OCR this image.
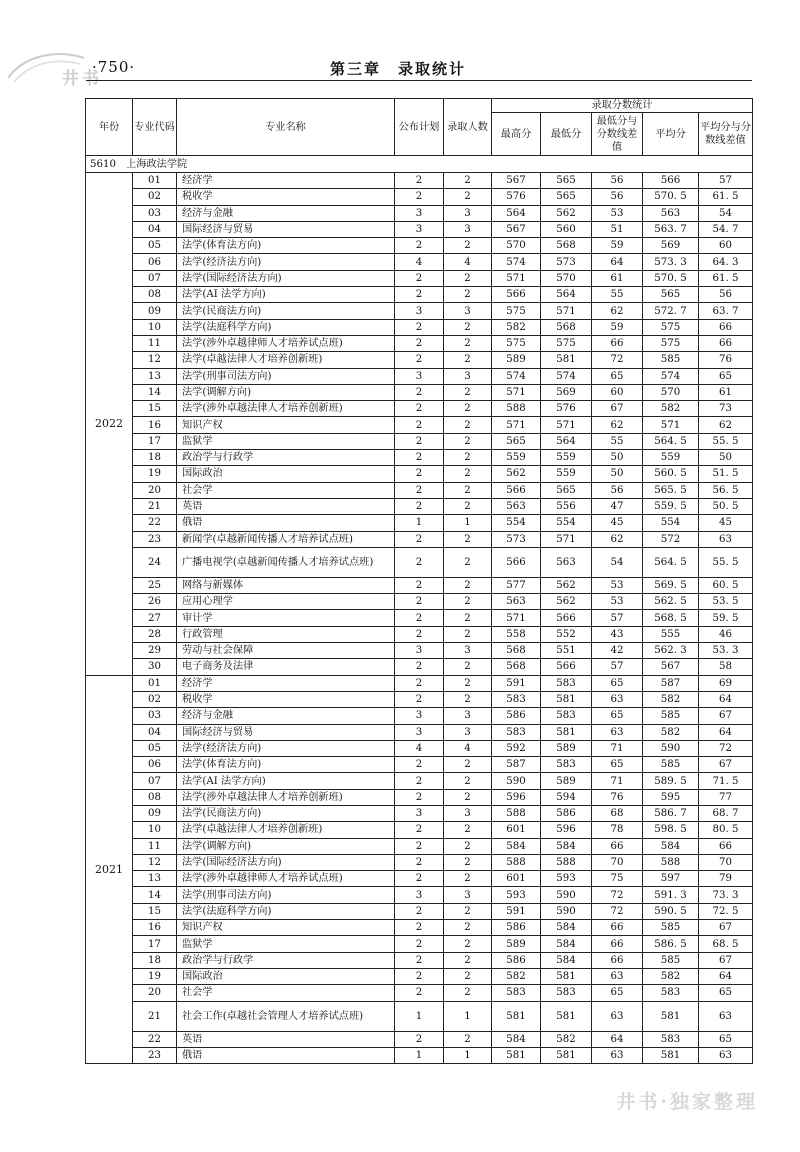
井书
·750·	第三章　录取统计
年份	专业代码	专业名称	公布计划	录取人数	录取分数统计				
					最高分	最低分	最低分与分数线差值	平均分	平均分与分数线差值
5610　上海政法学院									
2022	01	经济学	2	2	567	565	56	566	57
	02	税收学	2	2	576	565	56	570. 5	61. 5
	03	经济与金融	3	3	564	562	53	563	54
	04	国际经济与贸易	3	3	567	560	51	563. 7	54. 7
	05	法学(体育法方向)	2	2	570	568	59	569	60
	06	法学(经济法方向)	4	4	574	573	64	573. 3	64. 3
	07	法学(国际经济法方向)	2	2	571	570	61	570. 5	61. 5
	08	法学(AI 法学方向)	2	2	566	564	55	565	56
	09	法学(民商法方向)	3	3	575	571	62	572. 7	63. 7
	10	法学(法庭科学方向)	2	2	582	568	59	575	66
	11	法学(涉外卓越律师人才培养试点班)	2	2	575	575	66	575	66
	12	法学(卓越法律人才培养创新班)	2	2	589	581	72	585	76
	13	法学(刑事司法方向)	3	3	574	574	65	574	65
	14	法学(调解方向)	2	2	571	569	60	570	61
	15	法学(涉外卓越法律人才培养创新班)	2	2	588	576	67	582	73
	16	知识产权	2	2	571	571	62	571	62
	17	监狱学	2	2	565	564	55	564. 5	55. 5
	18	政治学与行政学	2	2	559	559	50	559	50
	19	国际政治	2	2	562	559	50	560. 5	51. 5
	20	社会学	2	2	566	565	56	565. 5	56. 5
	21	英语	2	2	563	556	47	559. 5	50. 5
	22	俄语	1	1	554	554	45	554	45
	23	新闻学(卓越新闻传播人才培养试点班)	2	2	573	571	62	572	63
	24	广播电视学(卓越新闻传播人才培养试点班)	2	2	566	563	54	564. 5	55. 5
	25	网络与新媒体	2	2	577	562	53	569. 5	60. 5
	26	应用心理学	2	2	563	562	53	562. 5	53. 5
	27	审计学	2	2	571	566	57	568. 5	59. 5
	28	行政管理	2	2	558	552	43	555	46
	29	劳动与社会保障	3	3	568	551	42	562. 3	53. 3
	30	电子商务及法律	2	2	568	566	57	567	58
2021	01	经济学	2	2	591	583	65	587	69
	02	税收学	2	2	583	581	63	582	64
	03	经济与金融	3	3	586	583	65	585	67
	04	国际经济与贸易	3	3	583	581	63	582	64
	05	法学(经济法方向)	4	4	592	589	71	590	72
	06	法学(体育法方向)	2	2	587	583	65	585	67
	07	法学(AI 法学方向)	2	2	590	589	71	589. 5	71. 5
	08	法学(涉外卓越法律人才培养创新班)	2	2	596	594	76	595	77
	09	法学(民商法方向)	3	3	588	586	68	586. 7	68. 7
	10	法学(卓越法律人才培养创新班)	2	2	601	596	78	598. 5	80. 5
	11	法学(调解方向)	2	2	584	584	66	584	66
	12	法学(国际经济法方向)	2	2	588	588	70	588	70
	13	法学(涉外卓越律师人才培养试点班)	2	2	601	593	75	597	79
	14	法学(刑事司法方向)	3	3	593	590	72	591. 3	73. 3
	15	法学(法庭科学方向)	2	2	591	590	72	590. 5	72. 5
	16	知识产权	2	2	586	584	66	585	67
	17	监狱学	2	2	589	584	66	586. 5	68. 5
	18	政治学与行政学	2	2	586	584	66	585	67
	19	国际政治	2	2	582	581	63	582	64
	20	社会学	2	2	583	583	65	583	65
	21	社会工作(卓越社会管理人才培养试点班)	1	1	581	581	63	581	63
	22	英语	2	2	584	582	64	583	65
	23	俄语	1	1	581	581	63	581	63
井书·独家整理
